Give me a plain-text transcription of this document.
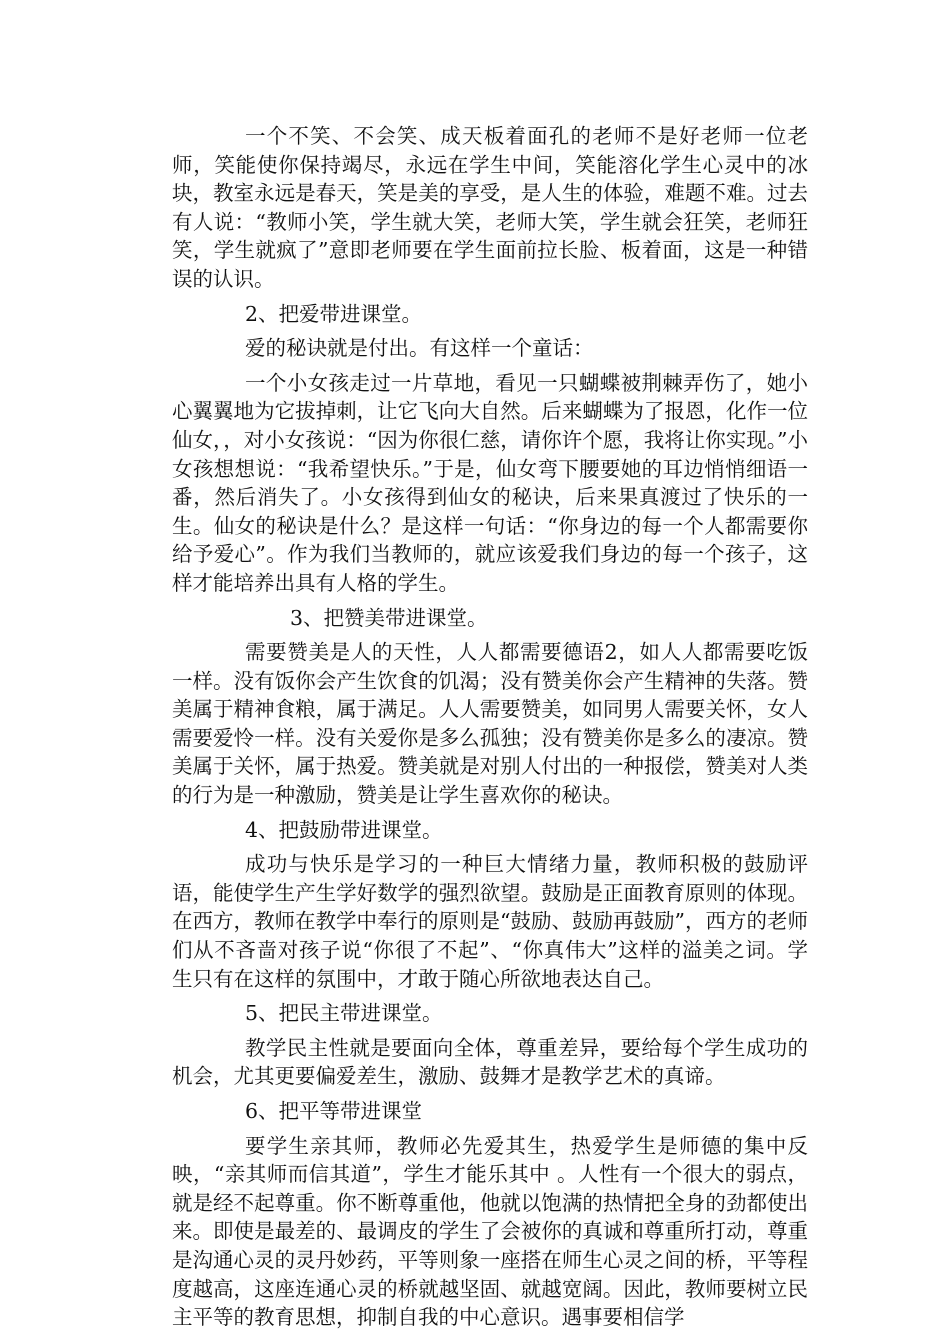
一个不笑、不会笑、成天板着面孔的老师不是好老师一位老师，笑能使你保持竭尽，永远在学生中间，笑能溶化学生心灵中的冰块，教室永远是春天，笑是美的享受，是人生的体验，难题不难。过去有人说：“教师小笑，学生就大笑，老师大笑，学生就会狂笑，老师狂笑，学生就疯了”意即老师要在学生面前拉长脸、板着面，这是一种错误的认识。

2、把爱带进课堂。

爱的秘诀就是付出。有这样一个童话：

一个小女孩走过一片草地，看见一只蝴蝶被荆棘弄伤了，她小心翼翼地为它拔掉刺，让它飞向大自然。后来蝴蝶为了报恩，化作一位仙女，，对小女孩说：“因为你很仁慈，请你许个愿，我将让你实现。”小女孩想想说：“我希望快乐。”于是，仙女弯下腰要她的耳边悄悄细语一番，然后消失了。小女孩得到仙女的秘诀，后来果真渡过了快乐的一生。仙女的秘诀是什么？是这样一句话：“你身边的每一个人都需要你给予爱心”。作为我们当教师的，就应该爱我们身边的每一个孩子，这样才能培养出具有人格的学生。

3、把赞美带进课堂。

需要赞美是人的天性，人人都需要德语2，如人人都需要吃饭一样。没有饭你会产生饮食的饥渴；没有赞美你会产生精神的失落。赞美属于精神食粮，属于满足。人人需要赞美，如同男人需要关怀，女人需要爱怜一样。没有关爱你是多么孤独；没有赞美你是多么的凄凉。赞美属于关怀，属于热爱。赞美就是对别人付出的一种报偿，赞美对人类的行为是一种激励，赞美是让学生喜欢你的秘诀。

4、把鼓励带进课堂。

成功与快乐是学习的一种巨大情绪力量，教师积极的鼓励评语，能使学生产生学好数学的强烈欲望。鼓励是正面教育原则的体现。在西方，教师在教学中奉行的原则是“鼓励、鼓励再鼓励”，西方的老师们从不吝啬对孩子说“你很了不起”、“你真伟大”这样的溢美之词。学生只有在这样的氛围中，才敢于随心所欲地表达自己。

5、把民主带进课堂。

教学民主性就是要面向全体，尊重差异，要给每个学生成功的机会，尤其更要偏爱差生，激励、鼓舞才是教学艺术的真谛。

6、把平等带进课堂

要学生亲其师，教师必先爱其生，热爱学生是师德的集中反映，“亲其师而信其道”，学生才能乐其中 。人性有一个很大的弱点，就是经不起尊重。你不断尊重他，他就以饱满的热情把全身的劲都使出来。即使是最差的、最调皮的学生了会被你的真诚和尊重所打动，尊重是沟通心灵的灵丹妙药，平等则象一座搭在师生心灵之间的桥，平等程度越高，这座连通心灵的桥就越坚固、就越宽阔。因此，教师要树立民主平等的教育思想，抑制自我的中心意识。遇事要相信学
